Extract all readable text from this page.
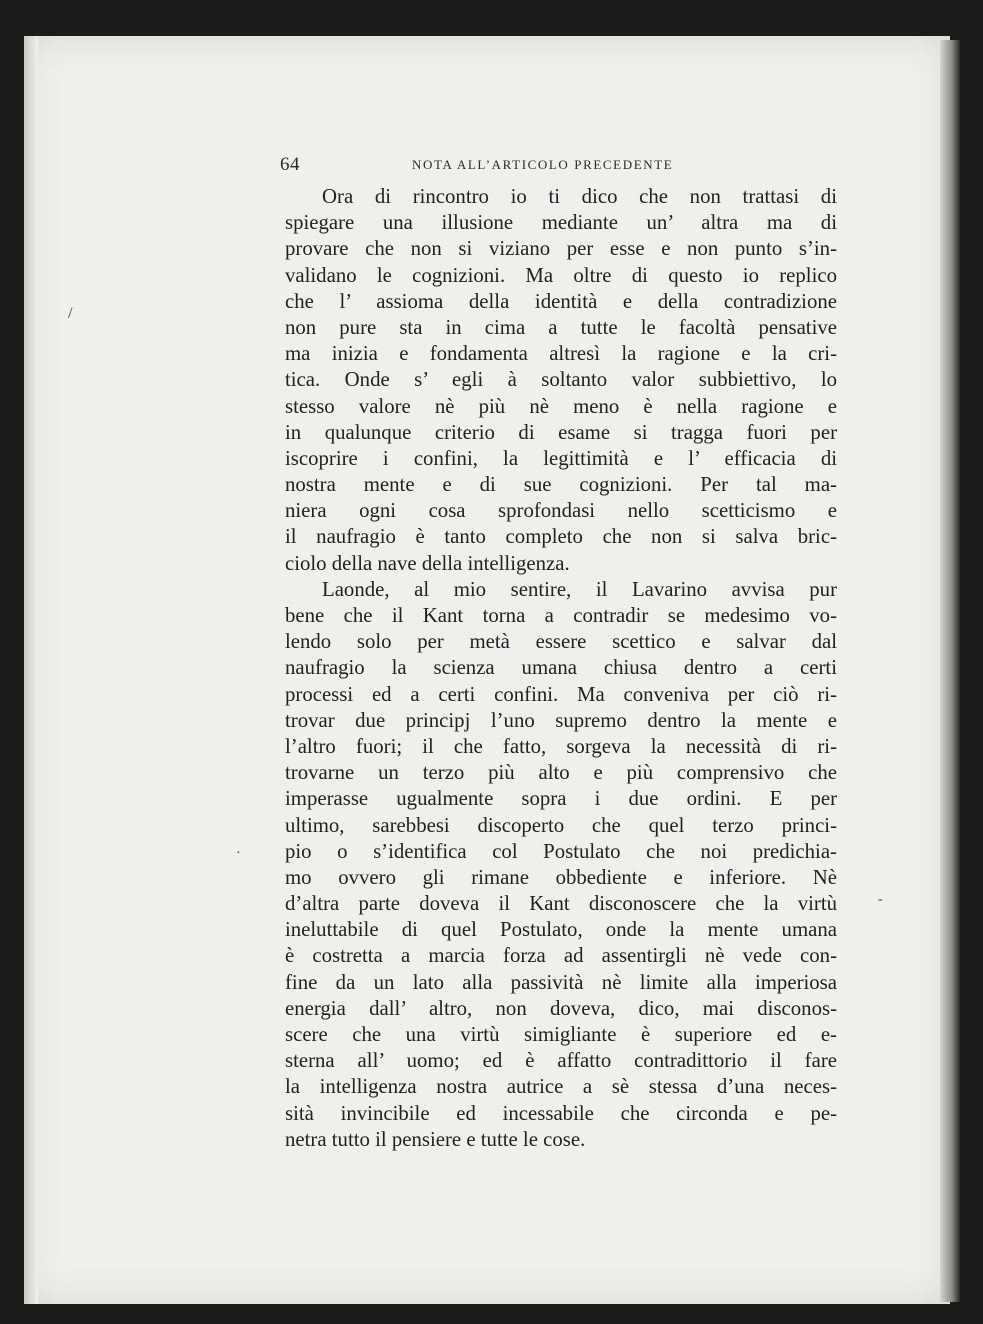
64	NOTA ALL’ARTICOLO PRECEDENTE
Ora di rincontro io ti dico che non trattasi di
spiegare una illusione mediante un’ altra ma di
provare che non si viziano per esse e non punto s’in-
validano le cognizioni. Ma oltre di questo io replico
che l’ assioma della identità e della contradizione
non pure sta in cima a tutte le facoltà pensative
ma inizia e fondamenta altresì la ragione e la cri-
tica. Onde s’ egli à soltanto valor subbiettivo, lo
stesso valore nè più nè meno è nella ragione e
in qualunque criterio di esame si tragga fuori per
iscoprire i confini, la legittimità e l’ efficacia di
nostra mente e di sue cognizioni. Per tal ma-
niera ogni cosa sprofondasi nello scetticismo e
il naufragio è tanto completo che non si salva bric-
ciolo della nave della intelligenza.
Laonde, al mio sentire, il Lavarino avvisa pur
bene che il Kant torna a contradir se medesimo vo-
lendo solo per metà essere scettico e salvar dal
naufragio la scienza umana chiusa dentro a certi
processi ed a certi confini. Ma conveniva per ciò ri-
trovar due principj l’uno supremo dentro la mente e
l’altro fuori; il che fatto, sorgeva la necessità di ri-
trovarne un terzo più alto e più comprensivo che
imperasse ugualmente sopra i due ordini. E per
ultimo, sarebbesi discoperto che quel terzo princi-
pio o s’identifica col Postulato che noi predichia-
mo ovvero gli rimane obbediente e inferiore. Nè
d’altra parte doveva il Kant disconoscere che la virtù
ineluttabile di quel Postulato, onde la mente umana
è costretta a marcia forza ad assentirgli nè vede con-
fine da un lato alla passività nè limite alla imperiosa
energia dall’ altro, non doveva, dico, mai disconos-
scere che una virtù simigliante è superiore ed e-
sterna all’ uomo; ed è affatto contradittorio il fare
la intelligenza nostra autrice a sè stessa d’una neces-
sità invincibile ed incessabile che circonda e pe-
netra tutto il pensiere e tutte le cose.
/
·
-
